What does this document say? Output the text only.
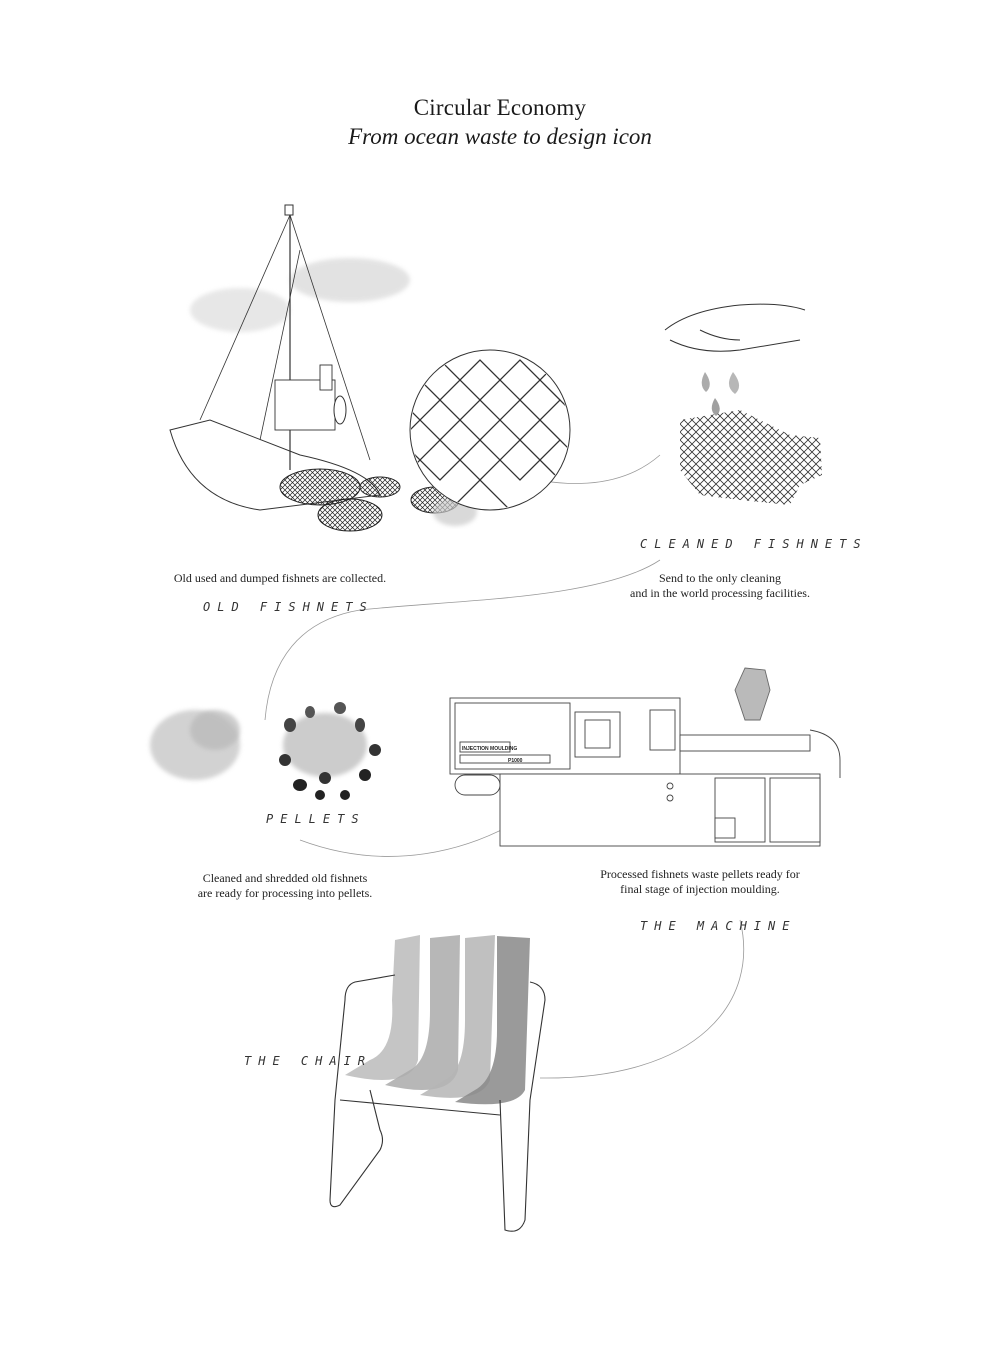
Circular Economy
From ocean waste to design icon
INJECTION MOULDING
P1000
OLD FISHNETS
CLEANED FISHNETS
PELLETS
THE MACHINE
THE CHAIR
Old used and dumped fishnets are collected.	Send to the only cleaning
and in the world processing facilities.
Cleaned and shredded old fishnets
are ready for processing into pellets.
Processed fishnets waste pellets ready for
final stage of injection moulding.
